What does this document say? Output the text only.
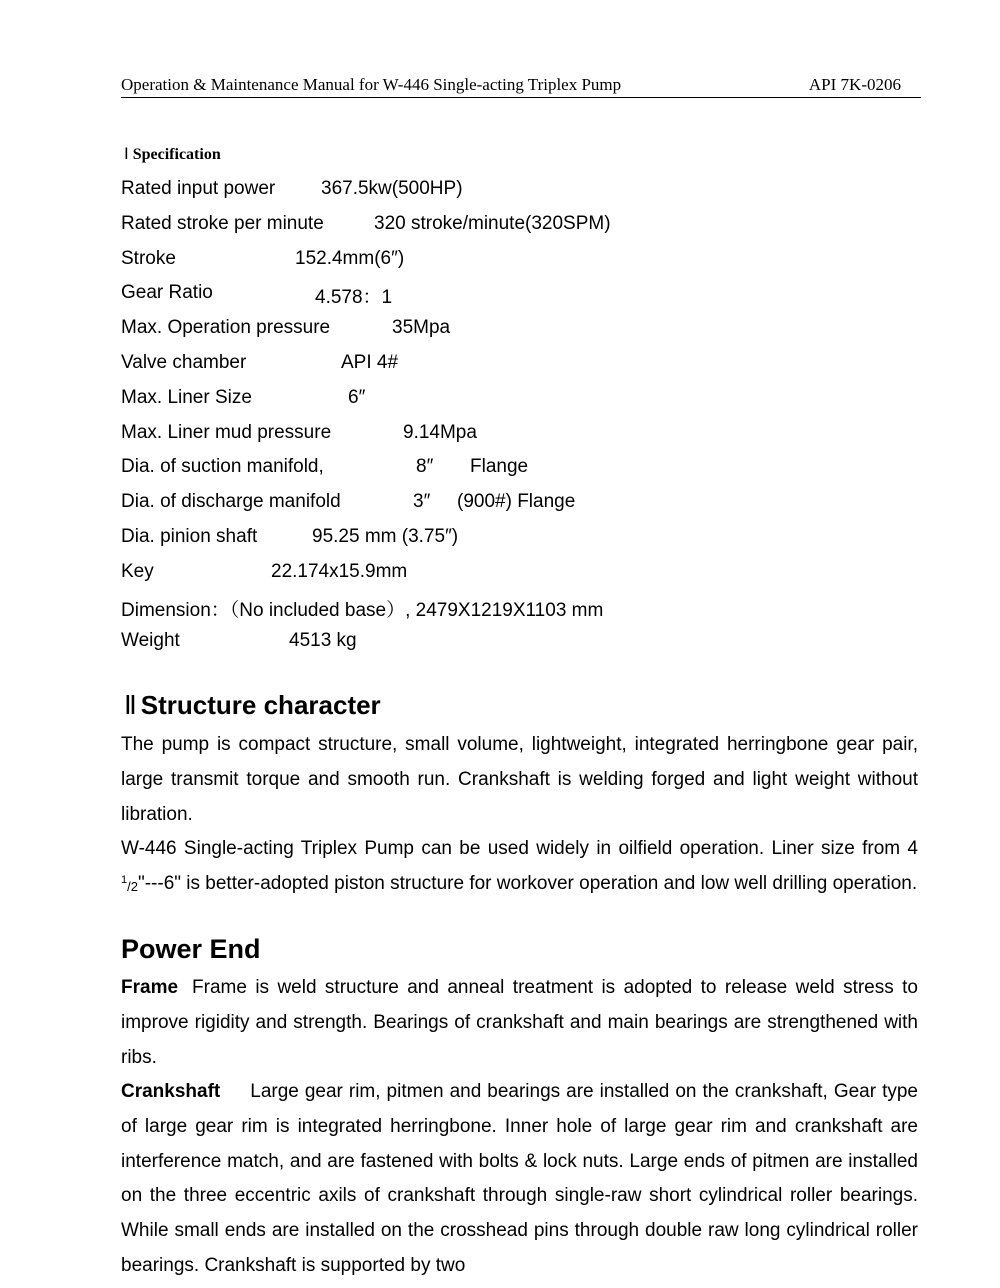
Operation & Maintenance Manual for W-446 Single-acting Triplex Pump	API 7K-0206
Ⅰ Specification
Rated input power 367.5kw(500HP)
Rated stroke per minute	320 stroke/minute(320SPM)
Stroke	152.4mm(6″)
Gear Ratio	4.578：1
Max. Operation pressure	35Mpa
Valve chamber	API 4#
Max. Liner Size	6″
Max. Liner mud pressure	9.14Mpa
Dia. of suction manifold,	8″ Flange
Dia. of discharge manifold	3″ (900#) Flange
Dia. pinion shaft	95.25 mm (3.75″)
Key	22.174x15.9mm
Dimension：（No included base）, 2479X1219X1103 mm
Weight	4513 kg
Ⅱ Structure character
The pump is compact structure, small volume, lightweight, integrated herringbone gear pair, large transmit torque and smooth run. Crankshaft is welding forged and light weight without libration.
W-446 Single-acting Triplex Pump can be used widely in oilfield operation. Liner size from 4 $^1_{/2}$"---6" is better-adopted piston structure for workover operation and low well drilling operation.
Power End
Frame Frame is weld structure and anneal treatment is adopted to release weld stress to improve rigidity and strength. Bearings of crankshaft and main bearings are strengthened with ribs.
Crankshaft Large gear rim, pitmen and bearings are installed on the crankshaft, Gear type of large gear rim is integrated herringbone. Inner hole of large gear rim and crankshaft are interference match, and are fastened with bolts & lock nuts. Large ends of pitmen are installed on the three eccentric axils of crankshaft through single-raw short cylindrical roller bearings. While small ends are installed on the crosshead pins through double raw long cylindrical roller bearings. Crankshaft is supported by two
